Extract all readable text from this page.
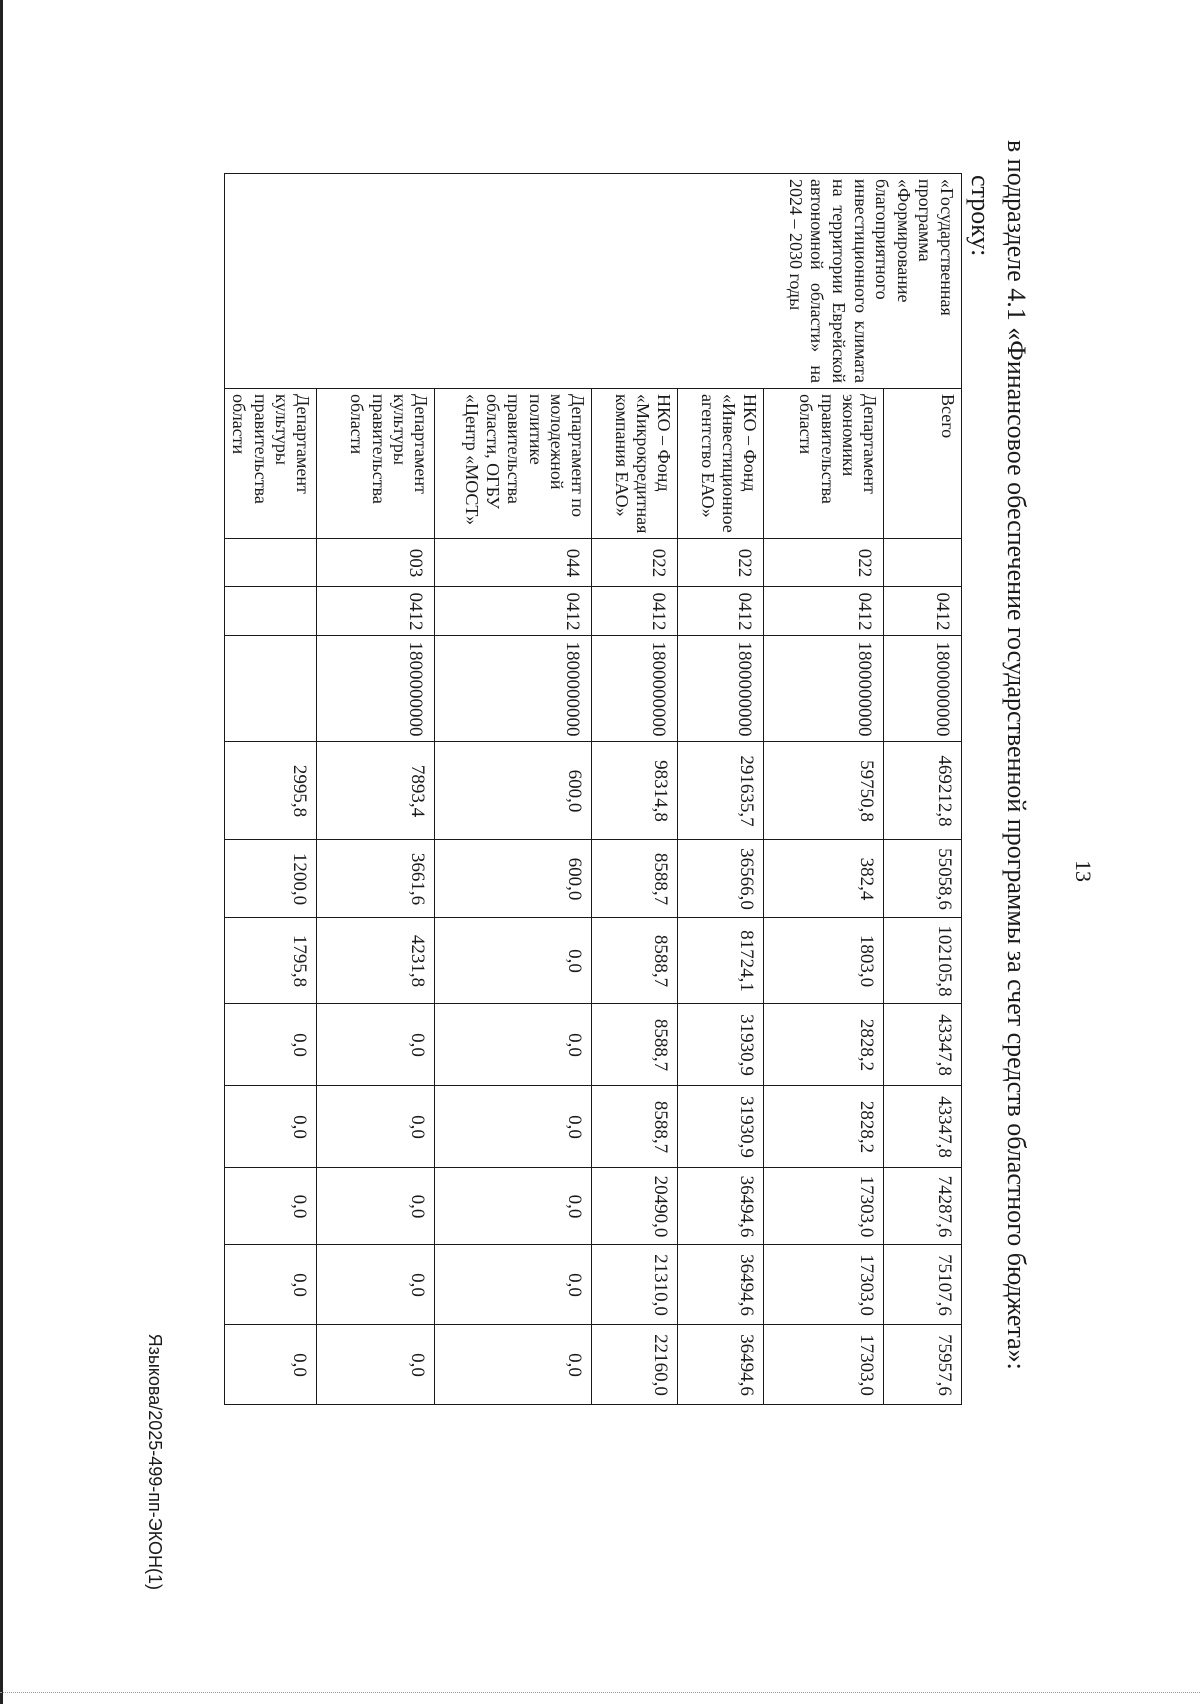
13
в подразделе 4.1 «Финансовое обеспечение государственной программы за счет средств областного бюджета»:
строку:
«Государственная программа «Формирование благоприятного инвестиционного климата на территории Еврейской автономной области» на 2024 – 2030 годы	Всего		0412	1800000000	469212,8	55058,6	102105,8	43347,8	43347,8	74287,6	75107,6	75957,6
	Департамент экономики правительства области	022	0412	1800000000	59750,8	382,4	1803,0	2828,2	2828,2	17303,0	17303,0	17303,0
	НКО – Фонд «Инвестиционное агентство ЕАО»	022	0412	1800000000	291635,7	36566,0	81724,1	31930,9	31930,9	36494,6	36494,6	36494,6
	НКО – Фонд «Микрокредитная компания ЕАО»	022	0412	1800000000	98314,8	8588,7	8588,7	8588,7	8588,7	20490,0	21310,0	22160,0
	Департамент по молодежной политике правительства области, ОГБУ «Центр «МОСТ»	044	0412	1800000000	600,0	600,0	0,0	0,0	0,0	0,0	0,0	0,0
	Департамент культуры правительства области	003	0412	1800000000	7893,4	3661,6	4231,8	0,0	0,0	0,0	0,0	0,0
	Департамент культуры правительства области				2995,8	1200,0	1795,8	0,0	0,0	0,0	0,0	0,0
Языкова/2025-499-пп-ЭКОН(1)
